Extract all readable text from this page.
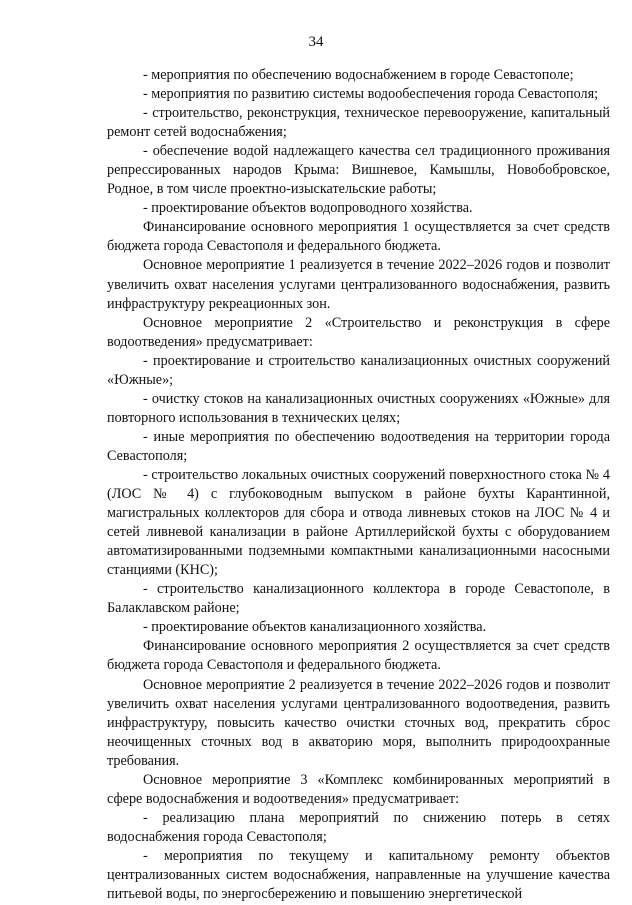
34

- мероприятия по обеспечению водоснабжением в городе Севастополе;

- мероприятия по развитию системы водообеспечения города Севастополя;

- строительство, реконструкция, техническое перевооружение, капитальный ремонт сетей водоснабжения;

- обеспечение водой надлежащего качества сел традиционного проживания репрессированных народов Крыма: Вишневое, Камышлы, Новобобровское, Родное, в том числе проектно-изыскательские работы;

- проектирование объектов водопроводного хозяйства.

Финансирование основного мероприятия 1 осуществляется за счет средств бюджета города Севастополя и федерального бюджета.

Основное мероприятие 1 реализуется в течение 2022–2026 годов и позволит увеличить охват населения услугами централизованного водоснабжения, развить инфраструктуру рекреационных зон.

Основное мероприятие 2 «Строительство и реконструкция в сфере водоотведения» предусматривает:

- проектирование и строительство канализационных очистных сооружений «Южные»;

- очистку стоков на канализационных очистных сооружениях «Южные» для повторного использования в технических целях;

- иные мероприятия по обеспечению водоотведения на территории города Севастополя;

- строительство локальных очистных сооружений поверхностного стока № 4 (ЛОС № 4) с глубоководным выпуском в районе бухты Карантинной, магистральных коллекторов для сбора и отвода ливневых стоков на ЛОС № 4 и сетей ливневой канализации в районе Артиллерийской бухты с оборудованием автоматизированными подземными компактными канализационными насосными станциями (КНС);

- строительство канализационного коллектора в городе Севастополе, в Балаклавском районе;

- проектирование объектов канализационного хозяйства.

Финансирование основного мероприятия 2 осуществляется за счет средств бюджета города Севастополя и федерального бюджета.

Основное мероприятие 2 реализуется в течение 2022–2026 годов и позволит увеличить охват населения услугами централизованного водоотведения, развить инфраструктуру, повысить качество очистки сточных вод, прекратить сброс неочищенных сточных вод в акваторию моря, выполнить природоохранные требования.

Основное мероприятие 3 «Комплекс комбинированных мероприятий в сфере водоснабжения и водоотведения» предусматривает:

- реализацию плана мероприятий по снижению потерь в сетях водоснабжения города Севастополя;

- мероприятия по текущему и капитальному ремонту объектов централизованных систем водоснабжения, направленные на улучшение качества питьевой воды, по энергосбережению и повышению энергетической
